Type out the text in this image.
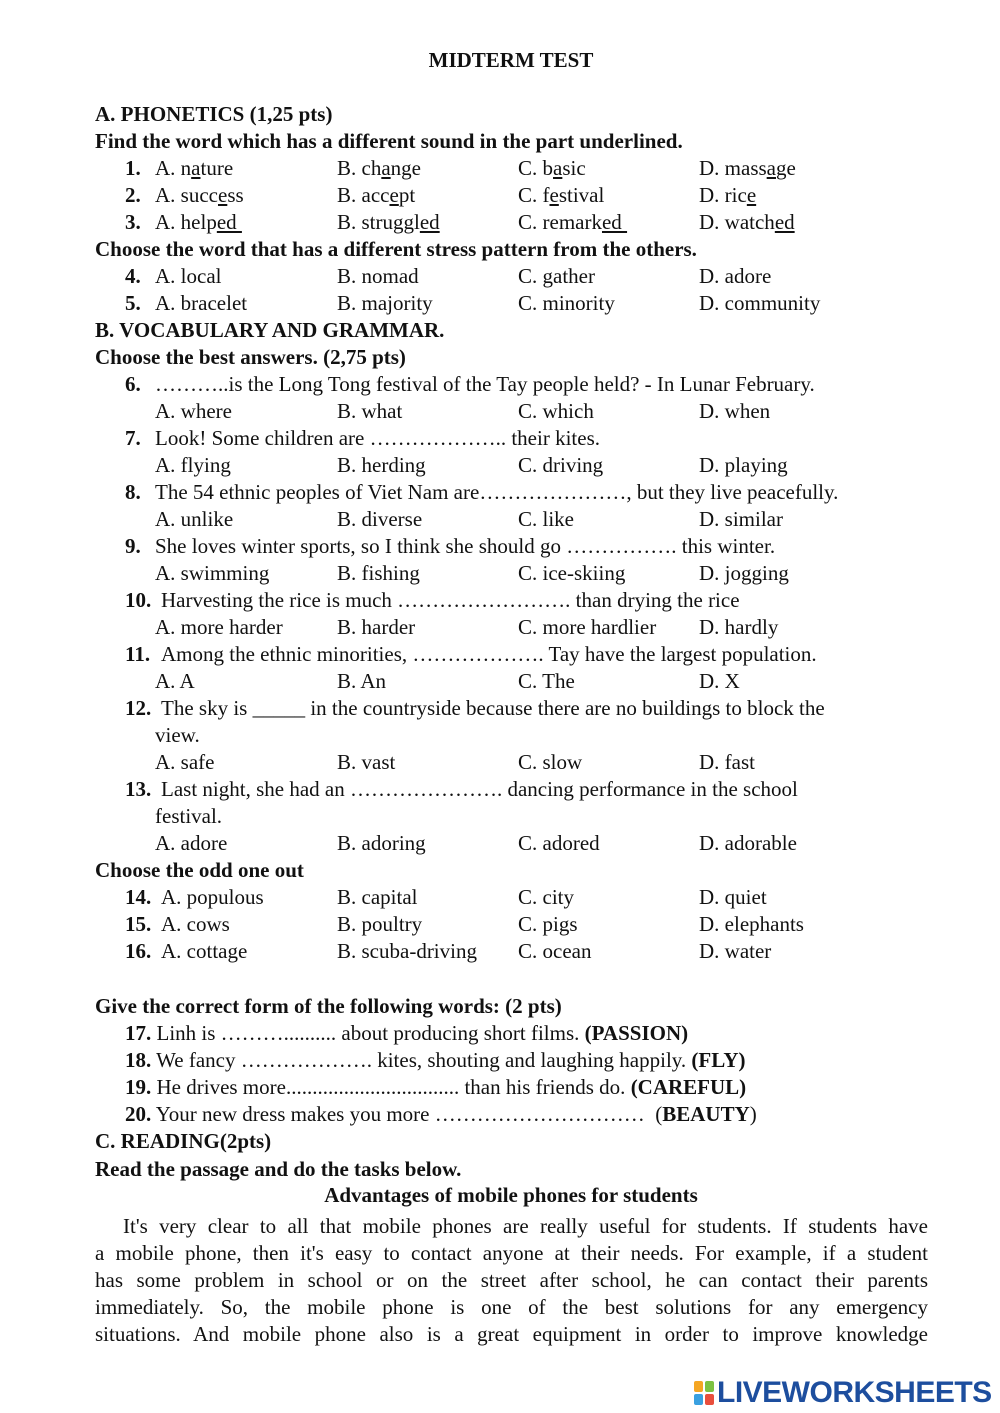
MIDTERM TEST
A. PHONETICS (1,25 pts)
Find the word which has a different sound in the part underlined.
1. A. nature	B. change	C. basic	D. massage
2. A. success	B. accept	C. festival	D. rice
3. A. helped	B. struggled	C. remarked	D. watched
Choose the word that has a different stress pattern from the others.
4. A. local	B. nomad	C. gather	D. adore
5. A. bracelet	B. majority	C. minority	D. community
B. VOCABULARY AND GRAMMAR.
Choose the best answers. (2,75 pts)
6. ………..is the Long Tong festival of the Tay people held? - In Lunar February.
A. where	B. what	C. which	D. when
7. Look! Some children are ……………….. their kites.
A. flying	B. herding	C. driving	D. playing
8. The 54 ethnic peoples of Viet Nam are…………………, but they live peacefully.
A. unlike	B. diverse	C. like	D. similar
9. She loves winter sports, so I think she should go ……………. this winter.
A. swimming	B. fishing	C. ice-skiing	D. jogging
10. Harvesting the rice is much ……………………. than drying the rice
A. more harder	B. harder	C. more hardlier D. hardly
11. Among the ethnic minorities, ………………. Tay have the largest population.
A. A	B. An	C. The	D. X
12. The sky is _____ in the countryside because there are no buildings to block the
view.
A. safe	B. vast	C. slow	D. fast
13. Last night, she had an …………………. dancing performance in the school
festival.
A. adore	B. adoring	C. adored	D. adorable
Choose the odd one out
14. A. populous	B. capital	C. city	D. quiet
15. A. cows	B. poultry	C. pigs	D. elephants
16. A. cottage	B. scuba-driving C. ocean	D. water
Give the correct form of the following words: (2 pts)
17. Linh is ……….......... about producing short films. (PASSION)
18. We fancy ………………. kites, shouting and laughing happily. (FLY)
19. He drives more................................. than his friends do. (CAREFUL)
20. Your new dress makes you more …………………………  (BEAUTY)
C. READING(2pts)
Read the passage and do the tasks below.
Advantages of mobile phones for students
It's very clear to all that mobile phones are really useful for students. If students have
a mobile phone, then it's easy to contact anyone at their needs. For example, if a student
has some problem in school or on the street after school, he can contact their parents
immediately. So, the mobile phone is one of the best solutions for any emergency
situations. And mobile phone also is a great equipment in order to improve knowledge
LIVEWORKSHEETS
